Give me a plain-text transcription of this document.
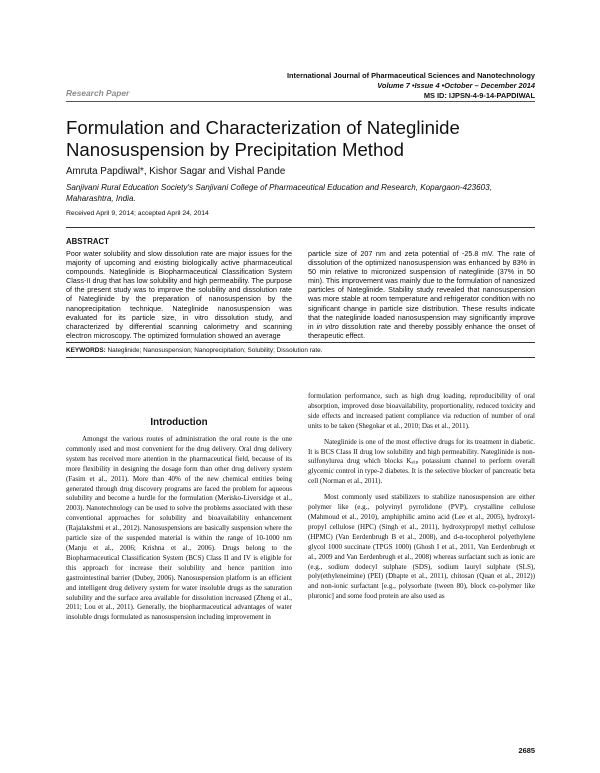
International Journal of Pharmaceutical Sciences and Nanotechnology
Volume 7 •Issue 4 •October – December 2014
MS ID: IJPSN-4-9-14-PAPDIWAL
Research Paper
Formulation and Characterization of Nateglinide Nanosuspension by Precipitation Method
Amruta Papdiwal*, Kishor Sagar and Vishal Pande
Sanjivani Rural Education Society's Sanjivani College of Pharmaceutical Education and Research, Kopargaon-423603, Maharashtra, India.
Received April 9, 2014; accepted April 24, 2014
ABSTRACT
Poor water solubility and slow dissolution rate are major issues for the majority of upcoming and existing biologically active pharmaceutical compounds. Nateglinide is Biopharmaceutical Classification System Class-II drug that has low solubility and high permeability. The purpose of the present study was to improve the solubility and dissolution rate of Nateglinide by the preparation of nanosuspension by the nanoprecipitation technique. Nateglinide nanosuspension was evaluated for its particle size, in vitro dissolution study, and characterized by differential scanning calorimetry and scanning electron microscopy. The optimized formulation showed an average
particle size of 207 nm and zeta potential of -25.8 mV. The rate of dissolution of the optimized nanosuspension was enhanced by 83% in 50 min relative to micronized suspension of nateglinide (37% in 50 min). This improvement was mainly due to the formulation of nanosized particles of Nateglinide. Stability study revealed that nanosuspension was more stable at room temperature and refrigerator condition with no significant change in particle size distribution. These results indicate that the nateglinide loaded nanosuspension may significantly improve in in vitro dissolution rate and thereby possibly enhance the onset of therapeutic effect.
KEYWORDS: Nateglinide; Nanosuspension; Nanoprecipitation; Solubility; Dissolution rate.
Introduction

Amongst the various routes of administration the oral route is the one commonly used and most convenient for the drug delivery. Oral drug delivery system has received more attention in the pharmaceutical field, because of its more flexibility in designing the dosage form than other drug delivery system (Fasim et al., 2011). More than 40% of the new chemical entities being generated through drug discovery programs are faced the problem for aqueous solubility and become a hurdle for the formulation (Merisko-Liversidge et al., 2003). Nanotechnology can be used to solve the problems associated with these conventional approaches for solubility and bioavailability enhancement (Rajalakshmi et al., 2012). Nanosuspensions are basically suspension where the particle size of the suspended material is within the range of 10-1000 nm (Manju et al., 2006; Krishna et al., 2006). Drugs belong to the Biopharmaceutical Classification System (BCS) Class II and IV is eligible for this approach for increase their solubility and hence partition into gastrointestinal barrier (Dubey, 2006). Nanosuspension platform is an efficient and intelligent drug delivery system for water insoluble drugs as the saturation solubility and the surface area available for dissolution increased (Zheng et al., 2011; Lou et al., 2011). Generally, the biopharmaceutical advantages of water insoluble drugs formulated as nanosuspension including improvement in

formulation performance, such as high drug loading, reproducibility of oral absorption, improved dose bioavailability, proportionality, reduced toxicity and side effects and increased patient compliance via reduction of number of oral units to be taken (Shegokar et al., 2010; Das et al., 2011).

Nateglinide is one of the most effective drugs for its treatment in diabetic. It is BCS Class II drug low solubility and high permeability. Nateglinide is non-sulfonylurea drug which blocks Kₐₜₚ potassium channel to perform overall glycemic control in type-2 diabetes. It is the selective blocker of pancreatic beta cell (Norman et al., 2011).

Most commonly used stabilizers to stabilize nanosuspension are either polymer like (e.g., polyvinyl pyrrolidone (PVP), crystalline cellulose (Mahmoud et al., 2010), amphiphilic amino acid (Lee et al., 2005), hydroxyl-propyl cellulose (HPC) (Singh et al., 2011), hydroxypropyl methyl cellulose (HPMC) (Van Eerdenbrugh B et al., 2008), and d-α-tocopherol polyethylene glycol 1000 succinate (TPGS 1000) (Ghosh I et al., 2011, Van Eerdenbrugh et al., 2009 and Van Eerdenbrugh et al., 2008) whereas surfactant such as ionic are (e.g., sodium dodecyl sulphate (SDS), sodium lauryl sulphate (SLS), poly(ethyleneimine) (PEI) (Dhapte et al., 2011), chitosan (Quan et al., 2012)) and non-ionic surfactant [e.g., polysorbate (tween 80), block co-polymer like pluronic] and some food protein are also used as

2685
